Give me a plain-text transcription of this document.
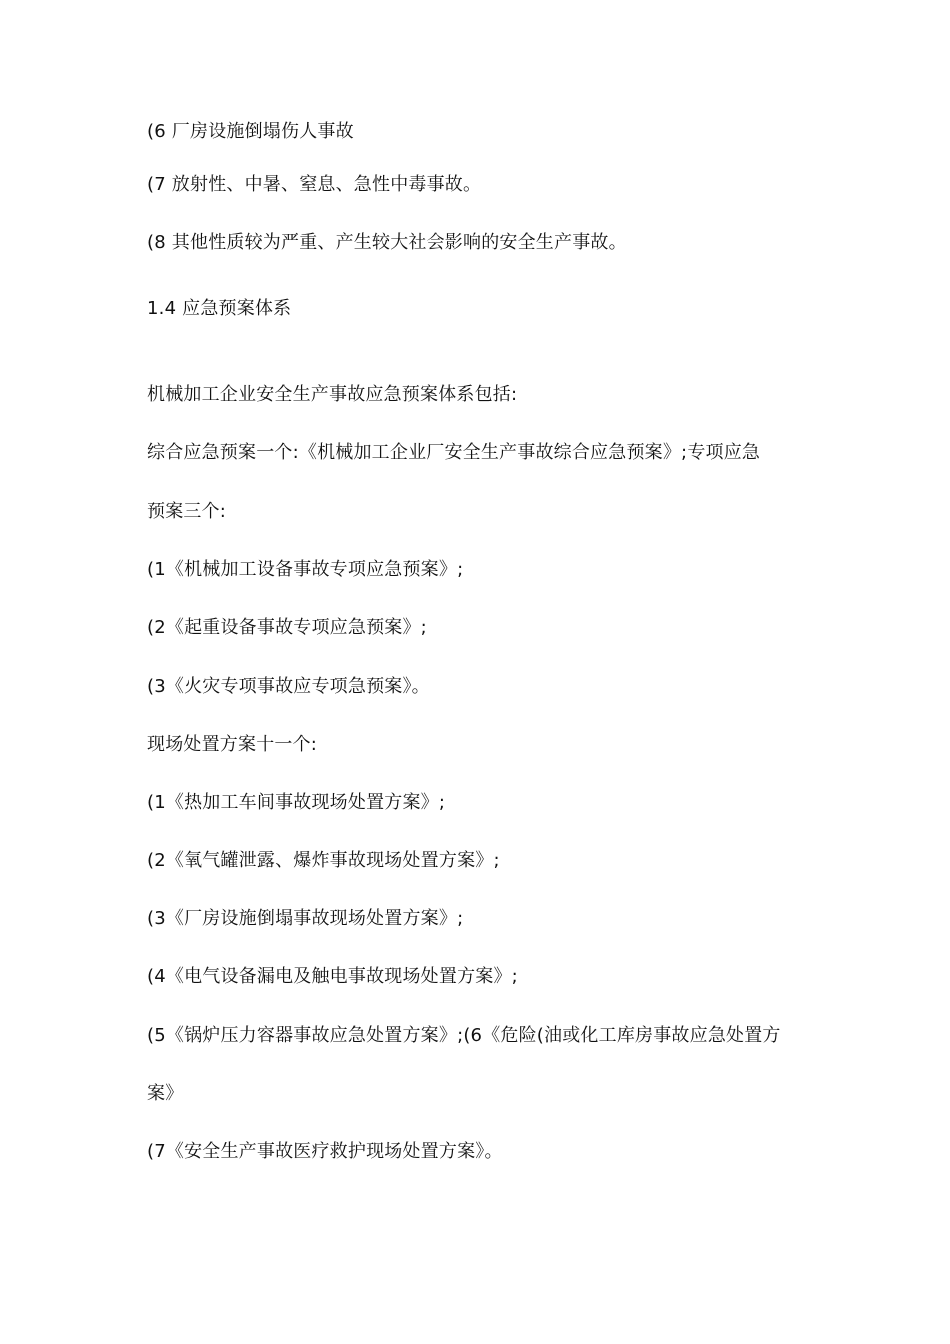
(6 厂房设施倒塌伤人事故
(7 放射性、中暑、窒息、急性中毒事故。
(8 其他性质较为严重、产生较大社会影响的安全生产事故。
1.4 应急预案体系
机械加工企业安全生产事故应急预案体系包括:
综合应急预案一个:《机械加工企业厂安全生产事故综合应急预案》;专项应急
预案三个:
(1《机械加工设备事故专项应急预案》;
(2《起重设备事故专项应急预案》;
(3《火灾专项事故应专项急预案》。
现场处置方案十一个:
(1《热加工车间事故现场处置方案》;
(2《氧气罐泄露、爆炸事故现场处置方案》;
(3《厂房设施倒塌事故现场处置方案》;
(4《电气设备漏电及触电事故现场处置方案》;
(5《锅炉压力容器事故应急处置方案》;(6《危险(油或化工库房事故应急处置方
案》
(7《安全生产事故医疗救护现场处置方案》。
